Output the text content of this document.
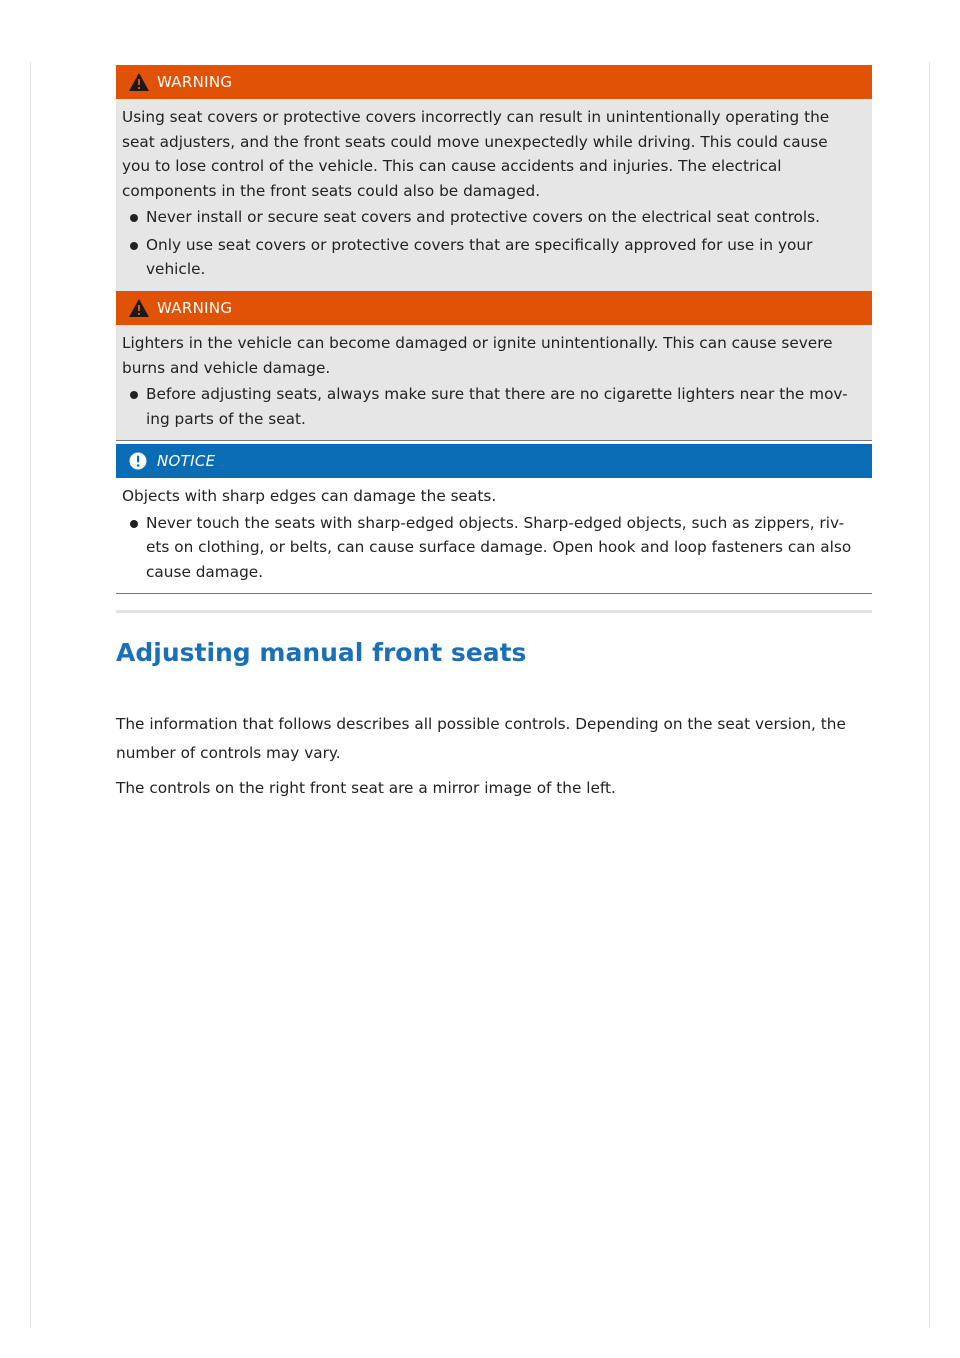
WARNING

Using seat covers or protective covers incorrectly can result in unintentionally operating the seat adjusters, and the front seats could move unexpectedly while driving. This could cause you to lose control of the vehicle. This can cause accidents and injuries. The electrical components in the front seats could also be damaged.

Never install or secure seat covers and protective covers on the electrical seat controls.
Only use seat covers or protective covers that are specifically approved for use in your vehicle.
WARNING

Lighters in the vehicle can become damaged or ignite unintentionally. This can cause severe burns and vehicle damage.

Before adjusting seats, always make sure that there are no cigarette lighters near the mov-ing parts of the seat.
NOTICE

Objects with sharp edges can damage the seats.

Never touch the seats with sharp-edged objects. Sharp-edged objects, such as zippers, riv-ets on clothing, or belts, can cause surface damage. Open hook and loop fasteners can also cause damage.
Adjusting manual front seats

The information that follows describes all possible controls. Depending on the seat version, the number of controls may vary.

The controls on the right front seat are a mirror image of the left.
